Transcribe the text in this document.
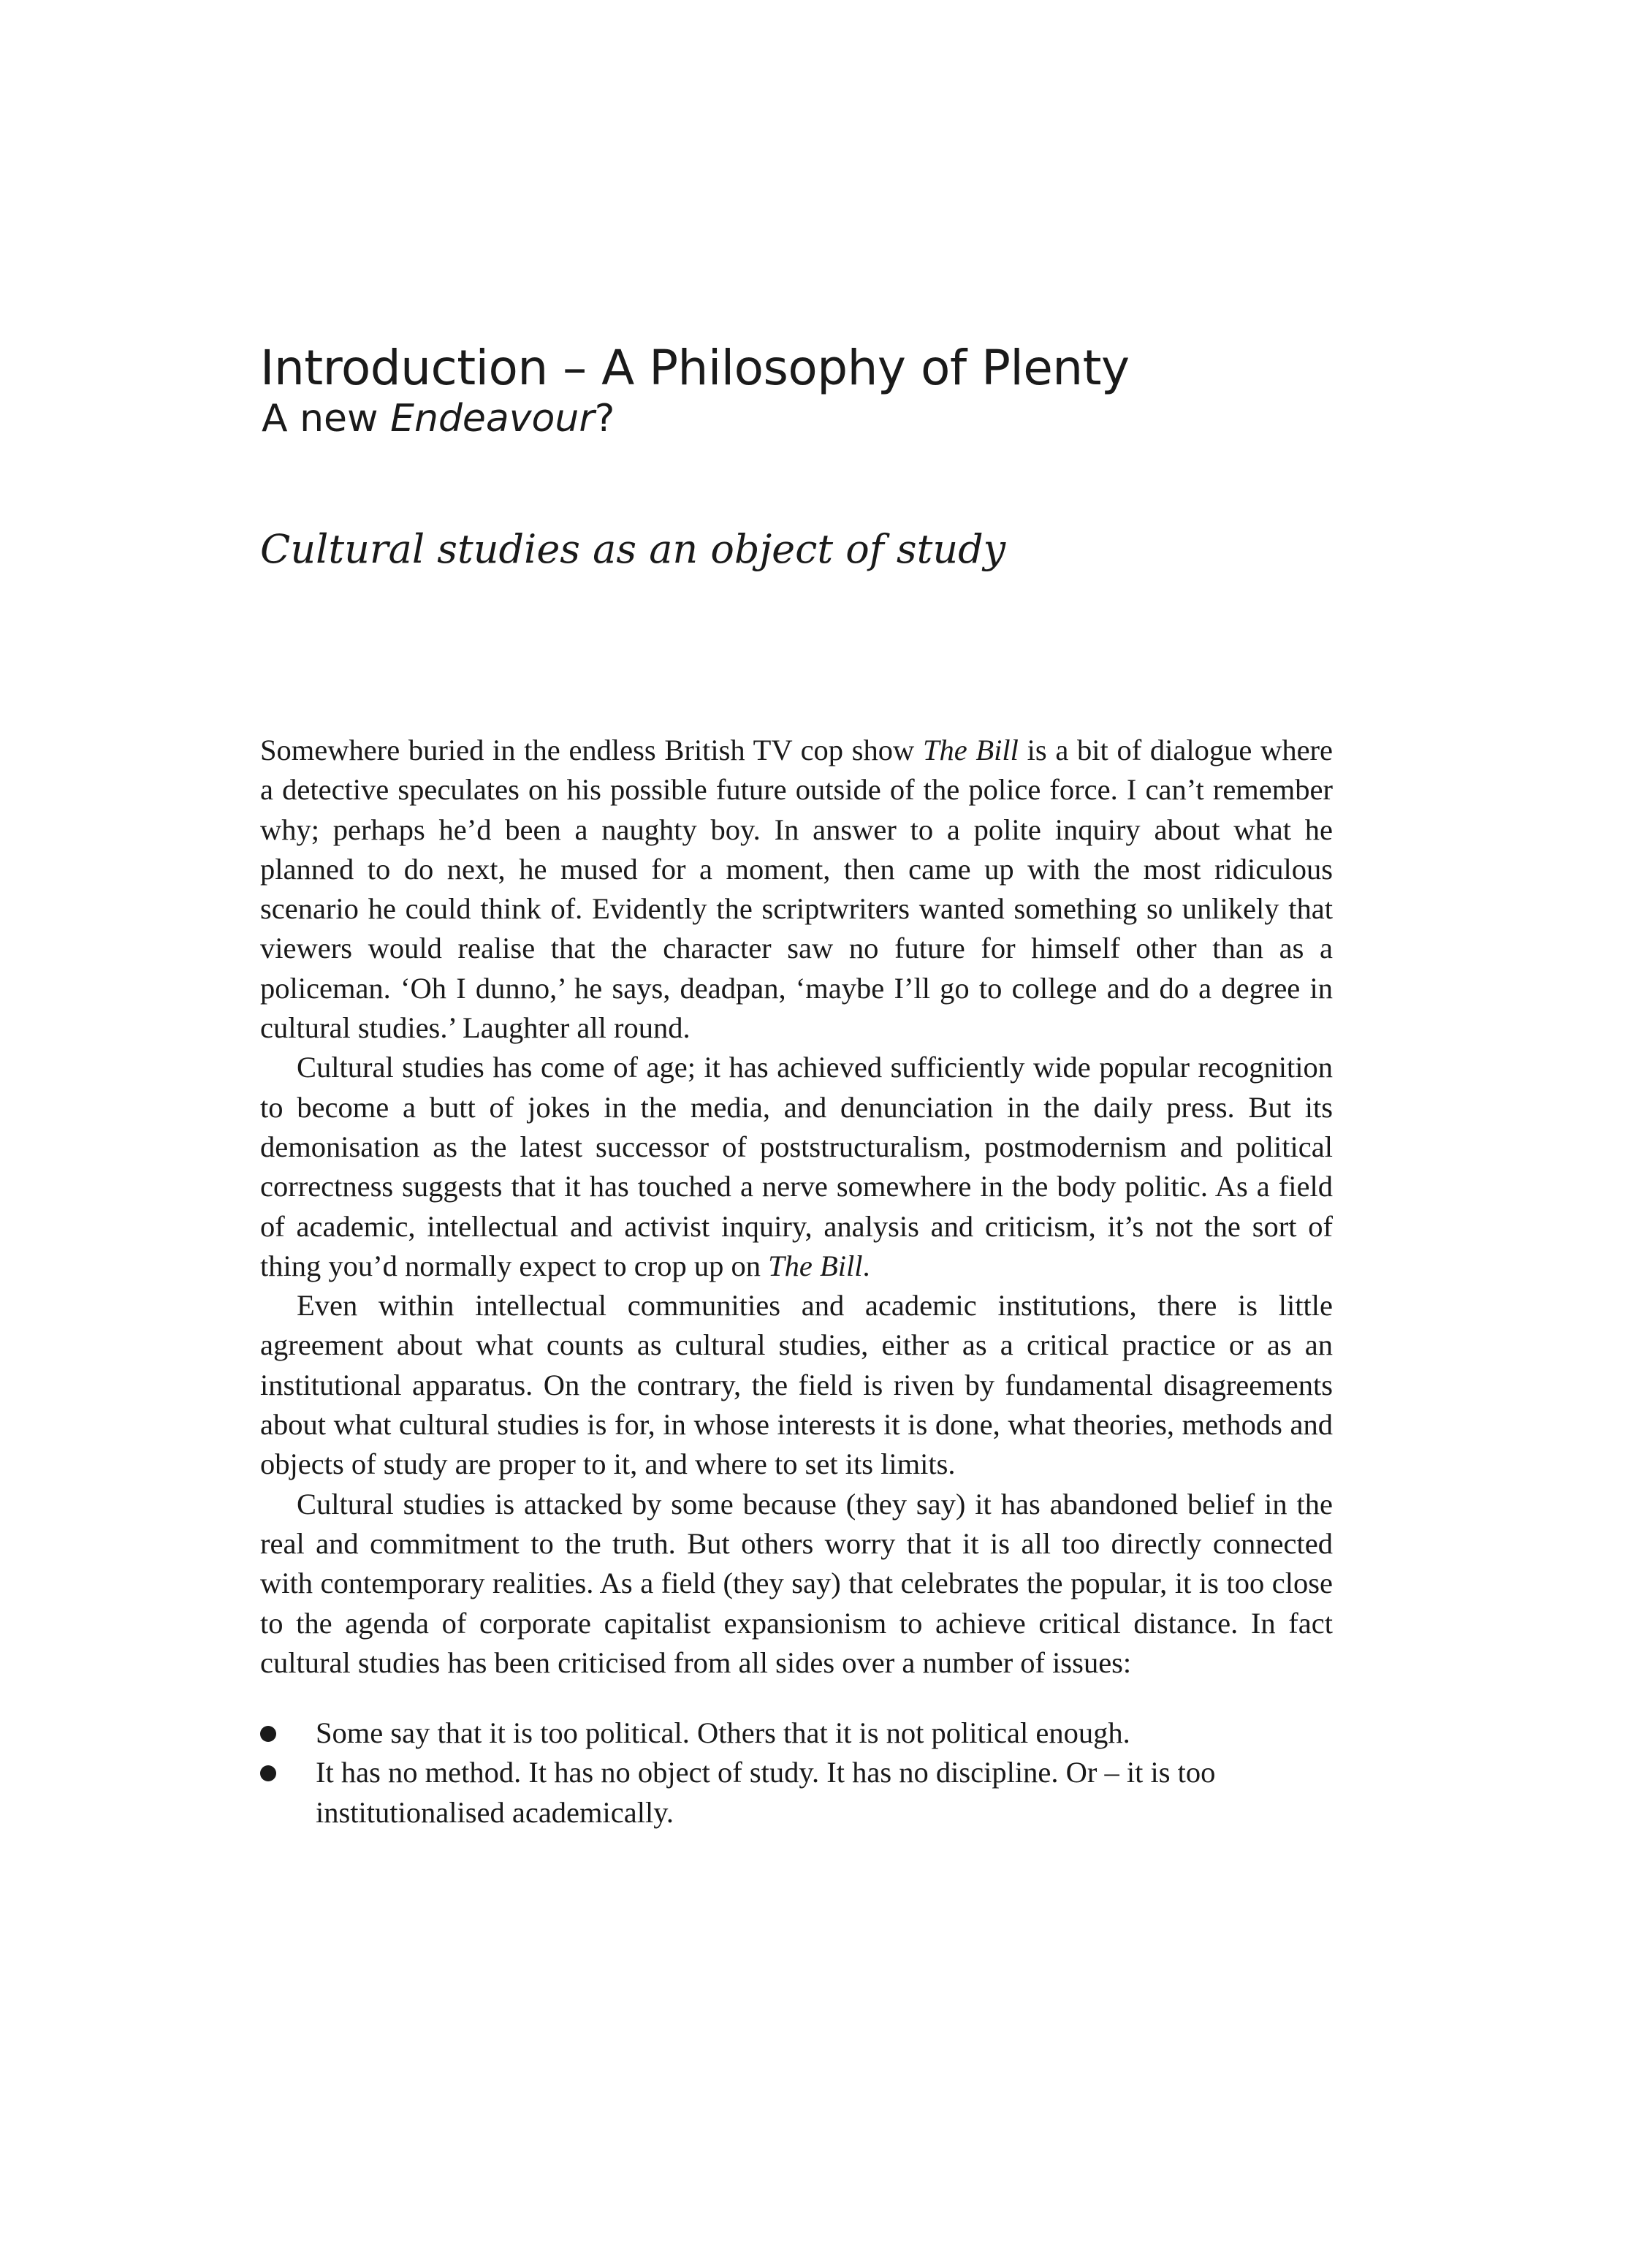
Introduction – A Philosophy of Plenty
A new Endeavour?
Cultural studies as an object of study

Somewhere buried in the endless British TV cop show The Bill is a bit of dialogue where a detective speculates on his possible future outside of the police force. I can’t remember why; perhaps he’d been a naughty boy. In answer to a polite inquiry about what he planned to do next, he mused for a moment, then came up with the most ridiculous scenario he could think of. Evidently the scriptwriters wanted something so unlikely that viewers would realise that the character saw no future for himself other than as a policeman. ‘Oh I dunno,’ he says, deadpan, ‘maybe I’ll go to college and do a degree in cultural studies.’ Laughter all round.

Cultural studies has come of age; it has achieved sufficiently wide popular recognition to become a butt of jokes in the media, and denunciation in the daily press. But its demonisation as the latest successor of poststructuralism, postmodernism and political correctness suggests that it has touched a nerve somewhere in the body politic. As a field of academic, intellectual and activist inquiry, analysis and criticism, it’s not the sort of thing you’d normally expect to crop up on The Bill.

Even within intellectual communities and academic institutions, there is little agreement about what counts as cultural studies, either as a critical practice or as an institutional apparatus. On the contrary, the field is riven by fundamental disagreements about what cultural studies is for, in whose interests it is done, what theories, methods and objects of study are proper to it, and where to set its limits.

Cultural studies is attacked by some because (they say) it has abandoned belief in the real and commitment to the truth. But others worry that it is all too directly connected with contemporary realities. As a field (they say) that celebrates the popular, it is too close to the agenda of corporate capitalist expansionism to achieve critical distance. In fact cultural studies has been criticised from all sides over a number of issues:

Some say that it is too political. Others that it is not political enough.
It has no method. It has no object of study. It has no discipline. Or – it is too institutionalised academically.
